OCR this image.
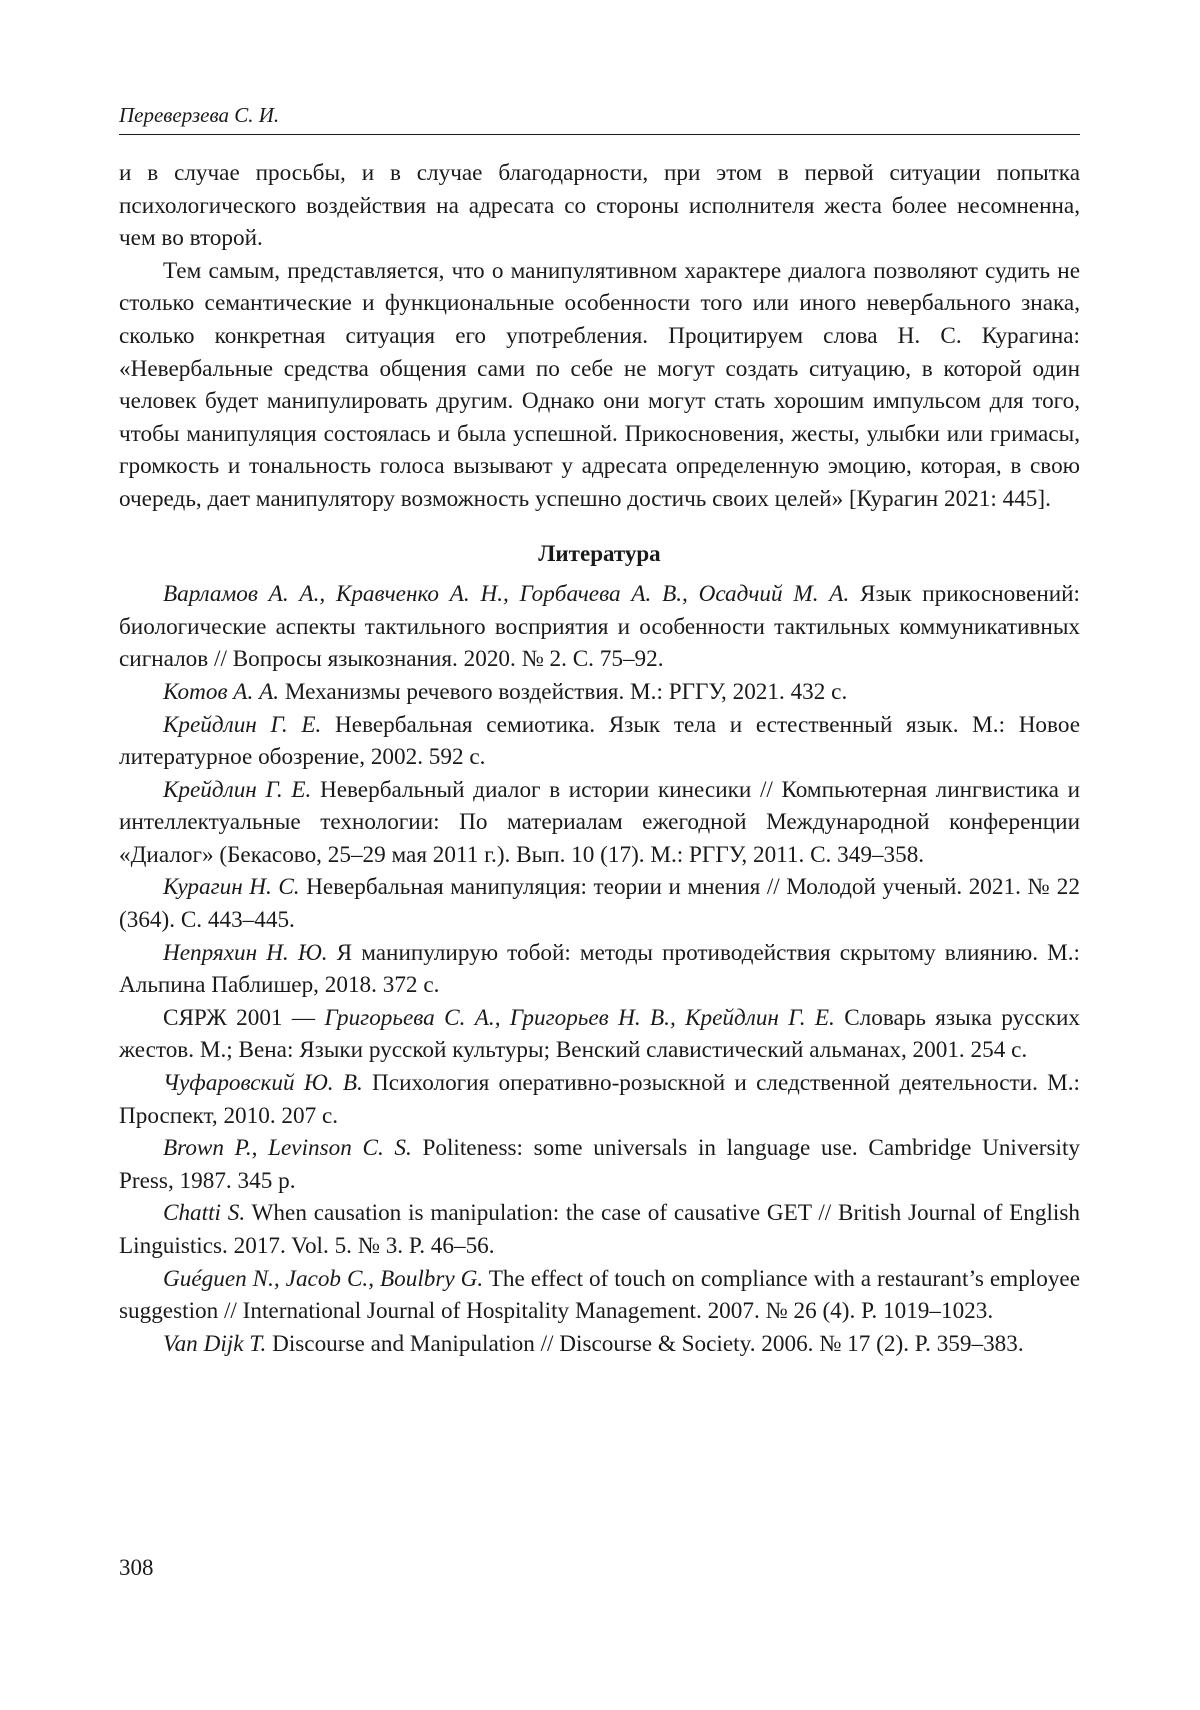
Переверзева С. И.

и в случае просьбы, и в случае благодарности, при этом в первой ситуации попытка психологического воздействия на адресата со стороны исполнителя жеста более несомненна, чем во второй.

Тем самым, представляется, что о манипулятивном характере диалога позволяют судить не столько семантические и функциональные особенности того или иного невербального знака, сколько конкретная ситуация его употребления. Процитируем слова Н. С. Курагина: «Невербальные средства общения сами по себе не могут создать ситуацию, в которой один человек будет манипулировать другим. Однако они могут стать хорошим импульсом для того, чтобы манипуляция состоялась и была успешной. Прикосновения, жесты, улыбки или гримасы, громкость и тональность голоса вызывают у адресата определенную эмоцию, которая, в свою очередь, дает манипулятору возможность успешно достичь своих целей» [Курагин 2021: 445].

Литература

Варламов А. А., Кравченко А. Н., Горбачева А. В., Осадчий М. А. Язык прикосновений: биологические аспекты тактильного восприятия и особенности тактильных коммуникативных сигналов // Вопросы языкознания. 2020. № 2. С. 75–92.

Котов А. А. Механизмы речевого воздействия. М.: РГГУ, 2021. 432 с.

Крейдлин Г. Е. Невербальная семиотика. Язык тела и естественный язык. М.: Новое литературное обозрение, 2002. 592 с.

Крейдлин Г. Е. Невербальный диалог в истории кинесики // Компьютерная лингвистика и интеллектуальные технологии: По материалам ежегодной Международной конференции «Диалог» (Бекасово, 25–29 мая 2011 г.). Вып. 10 (17). М.: РГГУ, 2011. С. 349–358.

Курагин Н. С. Невербальная манипуляция: теории и мнения // Молодой ученый. 2021. № 22 (364). С. 443–445.

Непряхин Н. Ю. Я манипулирую тобой: методы противодействия скрытому влиянию. М.: Альпина Паблишер, 2018. 372 с.

СЯРЖ 2001 — Григорьева С. А., Григорьев Н. В., Крейдлин Г. Е. Словарь языка русских жестов. М.; Вена: Языки русской культуры; Венский славистический альманах, 2001. 254 с.

Чуфаровский Ю. В. Психология оперативно-розыскной и следственной деятельности. М.: Проспект, 2010. 207 с.

Brown P., Levinson C. S. Politeness: some universals in language use. Cambridge University Press, 1987. 345 p.

Chatti S. When causation is manipulation: the case of causative GET // British Journal of English Linguistics. 2017. Vol. 5. № 3. P. 46–56.

Guéguen N., Jacob C., Boulbry G. The effect of touch on compliance with a restaurant’s employee suggestion // International Journal of Hospitality Management. 2007. № 26 (4). P. 1019–1023.

Van Dijk T. Discourse and Manipulation // Discourse & Society. 2006. № 17 (2). P. 359–383.

308
